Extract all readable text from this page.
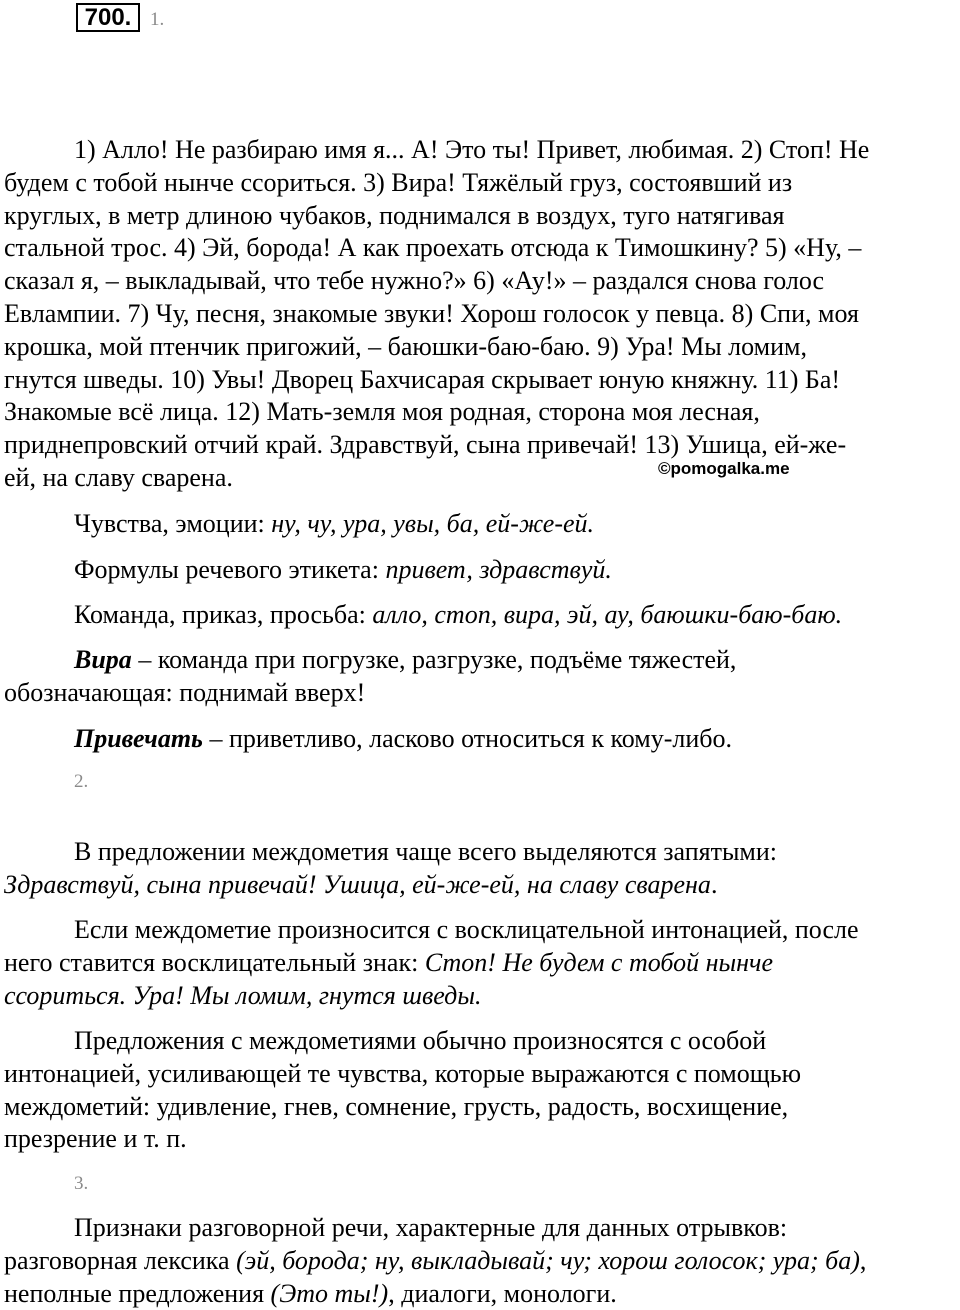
700. 1.
1) Алло! Не разбираю имя я... А! Это ты! Привет, любимая. 2) Стоп! Не
будем с тобой нынче ссориться. 3) Вира! Тяжёлый груз, состоявший из
круглых, в метр длиною чубаков, поднимался в воздух, туго натягивая
стальной трос. 4) Эй, борода! А как проехать отсюда к Тимошкину? 5) «Ну, –
сказал я, – выкладывай, что тебе нужно?» 6) «Ау!» – раздался снова голос
Евлампии. 7) Чу, песня, знакомые звуки! Хорош голосок у певца. 8) Спи, моя
крошка, мой птенчик пригожий, – баюшки-баю-баю. 9) Ура! Мы ломим,
гнутся шведы. 10) Увы! Дворец Бахчисарая скрывает юную княжну. 11) Ба!
Знакомые всё лица. 12) Мать-земля моя родная, сторона моя лесная,
приднепровский отчий край. Здравствуй, сына привечай! 13) Ушица, ей-же-
ей, на славу сварена.	©pomogalka.me
Чувства, эмоции: ну, чу, ура, увы, ба, ей-же-ей.
Формулы речевого этикета: привет, здравствуй.
Команда, приказ, просьба: алло, стоп, вира, эй, ау, баюшки-баю-баю.
Вира – команда при погрузке, разгрузке, подъёме тяжестей,
обозначающая: поднимай вверх!
Привечать – приветливо, ласково относиться к кому-либо.
2.
В предложении междометия чаще всего выделяются запятыми:
Здравствуй, сына привечай! Ушица, ей-же-ей, на славу сварена.
Если междометие произносится с восклицательной интонацией, после
него ставится восклицательный знак: Стоп! Не будем с тобой нынче
ссориться. Ура! Мы ломим, гнутся шведы.
Предложения с междометиями обычно произносятся с особой
интонацией, усиливающей те чувства, которые выражаются с помощью
междометий: удивление, гнев, сомнение, грусть, радость, восхищение,
презрение и т. п.
3.
Признаки разговорной речи, характерные для данных отрывков:
разговорная лексика (эй, борода; ну, выкладывай; чу; хорош голосок; ура; ба),
неполные предложения (Это ты!), диалоги, монологи.
